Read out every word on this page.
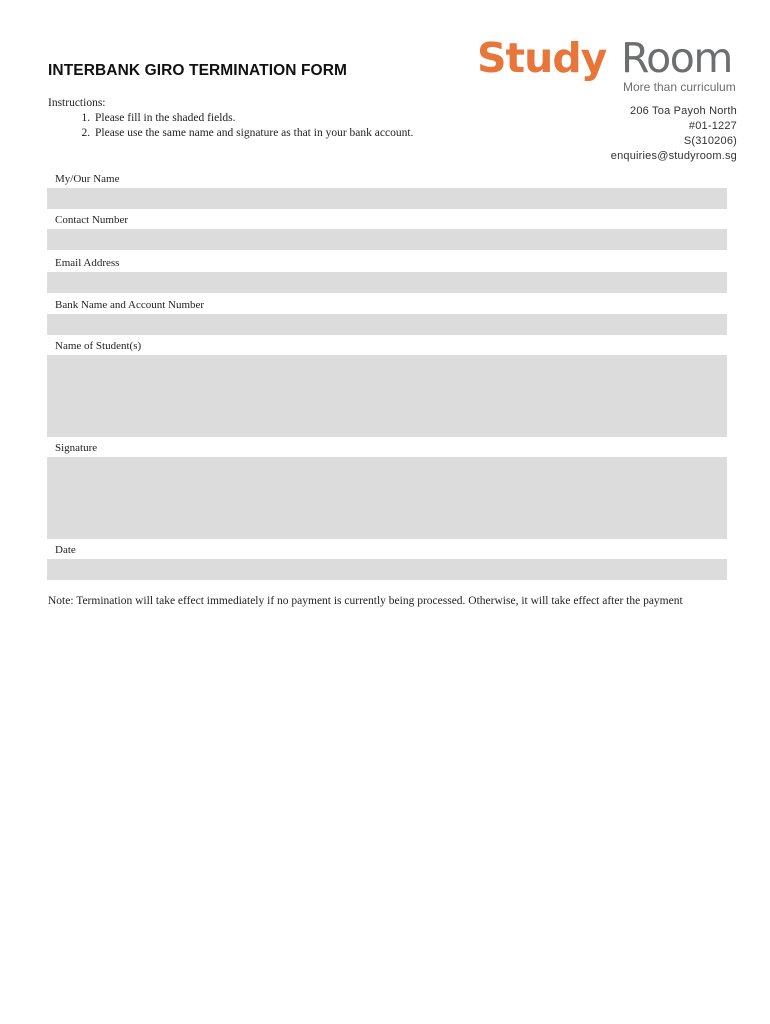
INTERBANK GIRO TERMINATION FORM
Instructions:
1. Please fill in the shaded fields.
2. Please use the same name and signature as that in your bank account.
Study Room
More than curriculum
206 Toa Payoh North
#01-1227
S(310206)
enquiries@studyroom.sg
My/Our Name
Contact Number
Email Address
Bank Name and Account Number
Name of Student(s)
Signature
Date
Note: Termination will take effect immediately if no payment is currently being processed. Otherwise, it will take effect after the payment
